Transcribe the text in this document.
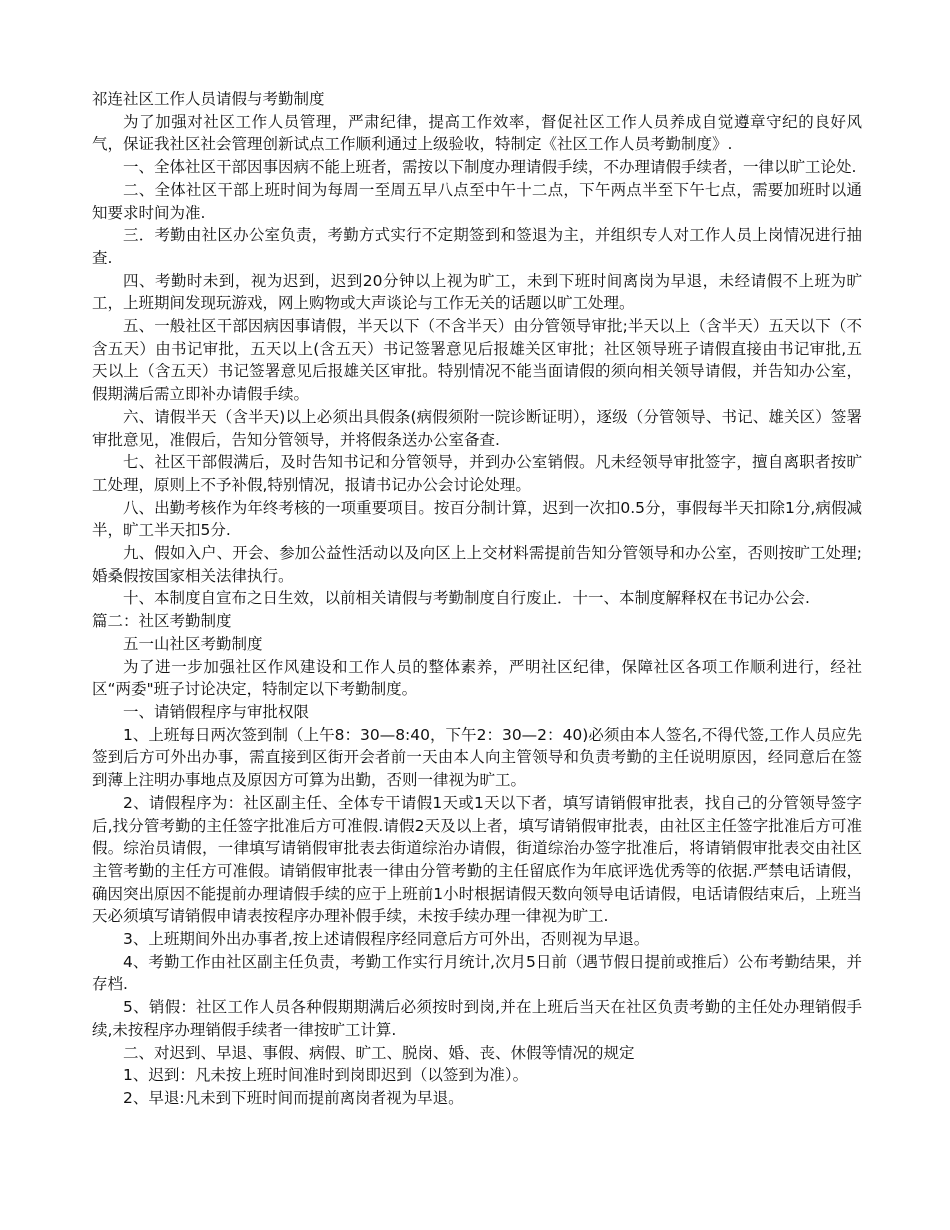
祁连社区工作人员请假与考勤制度

为了加强对社区工作人员管理，严肃纪律，提高工作效率，督促社区工作人员养成自觉遵章守纪的良好风气，保证我社区社会管理创新试点工作顺利通过上级验收，特制定《社区工作人员考勤制度》.

一、全体社区干部因事因病不能上班者，需按以下制度办理请假手续，不办理请假手续者，一律以旷工论处.

二、全体社区干部上班时间为每周一至周五早八点至中午十二点，下午两点半至下午七点，需要加班时以通知要求时间为准.

三．考勤由社区办公室负责，考勤方式实行不定期签到和签退为主，并组织专人对工作人员上岗情况进行抽查.

四、考勤时未到，视为迟到，迟到20分钟以上视为旷工，未到下班时间离岗为早退，未经请假不上班为旷工，上班期间发现玩游戏，网上购物或大声谈论与工作无关的话题以旷工处理。

五、一般社区干部因病因事请假，半天以下（不含半天）由分管领导审批;半天以上（含半天）五天以下（不含五天）由书记审批，五天以上(含五天）书记签署意见后报雄关区审批；社区领导班子请假直接由书记审批,五天以上（含五天）书记签署意见后报雄关区审批。特别情况不能当面请假的须向相关领导请假，并告知办公室，假期满后需立即补办请假手续。

六、请假半天（含半天)以上必须出具假条(病假须附一院诊断证明），逐级（分管领导、书记、雄关区）签署审批意见，准假后，告知分管领导，并将假条送办公室备查.

七、社区干部假满后，及时告知书记和分管领导，并到办公室销假。凡未经领导审批签字，擅自离职者按旷工处理，原则上不予补假,特别情况，报请书记办公会讨论处理。

八、出勤考核作为年终考核的一项重要项目。按百分制计算，迟到一次扣0.5分，事假每半天扣除1分,病假减半，旷工半天扣5分.

九、假如入户、开会、参加公益性活动以及向区上上交材料需提前告知分管领导和办公室，否则按旷工处理;婚桑假按国家相关法律执行。

十、本制度自宣布之日生效，以前相关请假与考勤制度自行废止．十一、本制度解释权在书记办公会.

篇二：社区考勤制度

五一山社区考勤制度

为了进一步加强社区作风建设和工作人员的整体素养，严明社区纪律，保障社区各项工作顺利进行，经社区“两委"班子讨论决定，特制定以下考勤制度。

一、请销假程序与审批权限

1、上班每日两次签到制（上午8：30—8:40，下午2：30—2：40)必须由本人签名,不得代签,工作人员应先签到后方可外出办事，需直接到区街开会者前一天由本人向主管领导和负责考勤的主任说明原因，经同意后在签到薄上注明办事地点及原因方可算为出勤，否则一律视为旷工。

2、请假程序为：社区副主任、全体专干请假1天或1天以下者，填写请销假审批表，找自己的分管领导签字后,找分管考勤的主任签字批准后方可准假.请假2天及以上者，填写请销假审批表，由社区主任签字批准后方可准假。综治员请假，一律填写请销假审批表去街道综治办请假，街道综治办签字批准后，将请销假审批表交由社区主管考勤的主任方可准假。请销假审批表一律由分管考勤的主任留底作为年底评选优秀等的依据.严禁电话请假，确因突出原因不能提前办理请假手续的应于上班前1小时根据请假天数向领导电话请假，电话请假结束后，上班当天必须填写请销假申请表按程序办理补假手续，未按手续办理一律视为旷工.

3、上班期间外出办事者,按上述请假程序经同意后方可外出，否则视为早退。

4、考勤工作由社区副主任负责，考勤工作实行月统计,次月5日前（遇节假日提前或推后）公布考勤结果，并存档.

5、销假：社区工作人员各种假期期满后必须按时到岗,并在上班后当天在社区负责考勤的主任处办理销假手续,未按程序办理销假手续者一律按旷工计算.

二、对迟到、早退、事假、病假、旷工、脱岗、婚、丧、休假等情况的规定

1、迟到：凡未按上班时间准时到岗即迟到（以签到为准）。

2、早退:凡未到下班时间而提前离岗者视为早退。
